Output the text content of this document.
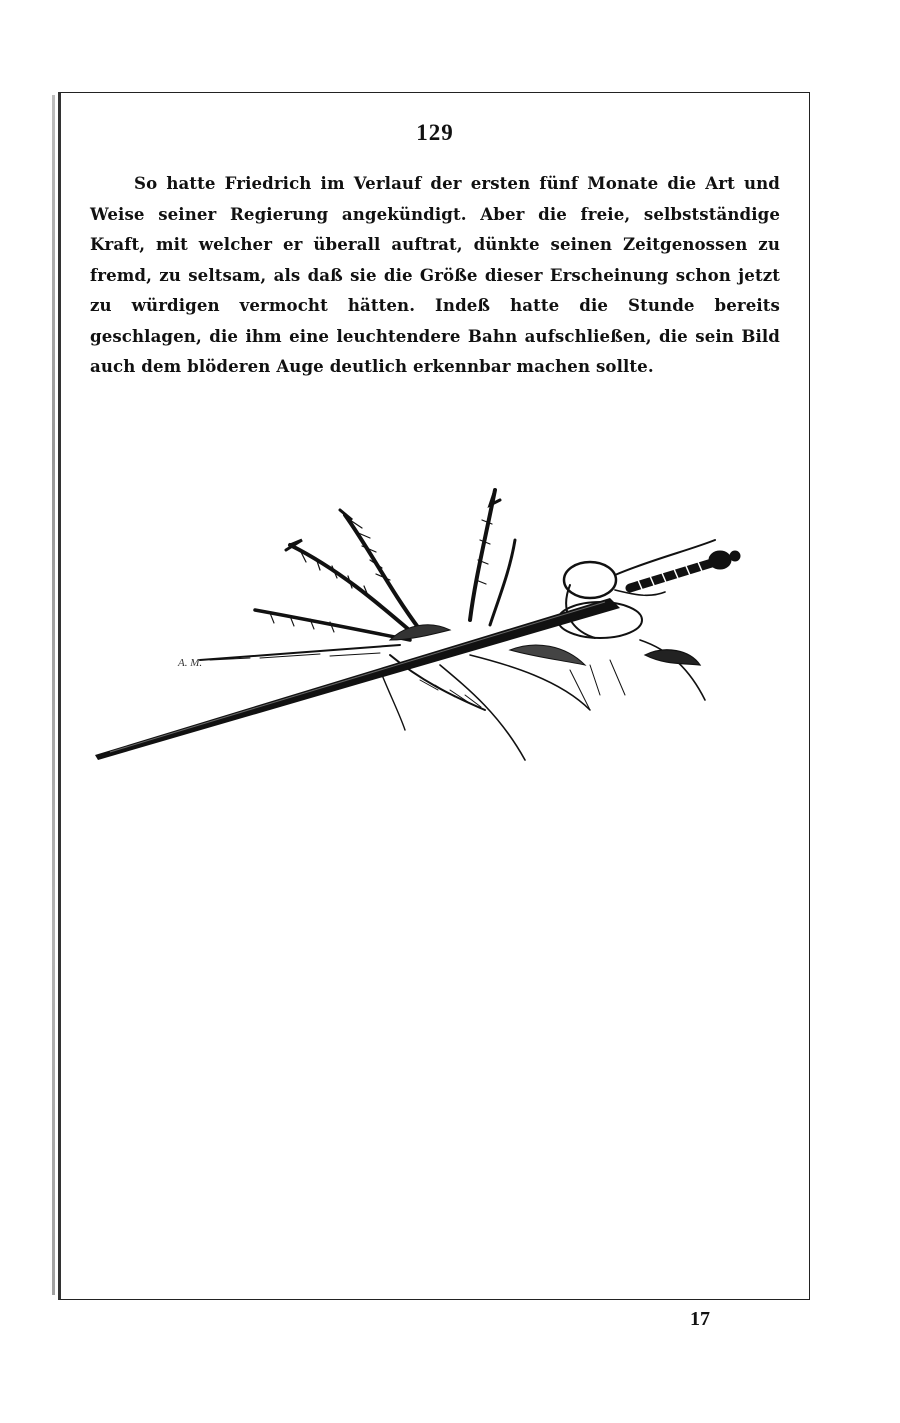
129

So hatte Friedrich im Verlauf der ersten fünf Monate die Art und Weise seiner Regierung angekündigt. Aber die freie, selbstständige Kraft, mit welcher er überall auftrat, dünkte seinen Zeitgenossen zu fremd, zu seltsam, als daß sie die Größe dieser Erscheinung schon jetzt zu würdigen vermocht hätten. Indeß hatte die Stunde bereits geschlagen, die ihm eine leuchtendere Bahn aufschließen, die sein Bild auch dem blöderen Auge deutlich erkennbar machen sollte.

A. M.
17
